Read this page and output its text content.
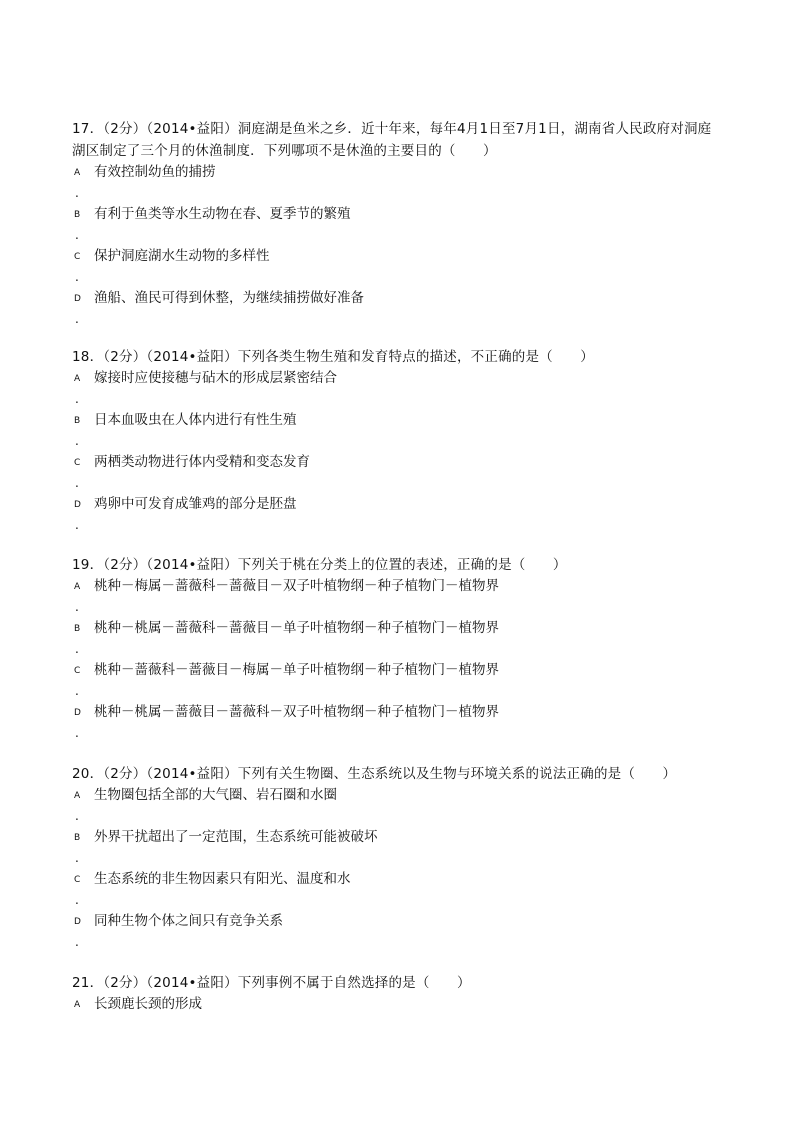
17．（2分）（2014•益阳）洞庭湖是鱼米之乡．近十年来，每年4月1日至7月1日，湖南省人民政府对洞庭湖区制定了三个月的休渔制度．下列哪项不是休渔的主要目的（　　）

A 有效控制幼鱼的捕捞
.
B 有利于鱼类等水生动物在春、夏季节的繁殖
.
C 保护洞庭湖水生动物的多样性
.
D 渔船、渔民可得到休整，为继续捕捞做好准备
.

18．（2分）（2014•益阳）下列各类生物生殖和发育特点的描述，不正确的是（　　）

A 嫁接时应使接穗与砧木的形成层紧密结合
.
B 日本血吸虫在人体内进行有性生殖
.
C 两栖类动物进行体内受精和变态发育
.
D 鸡卵中可发育成雏鸡的部分是胚盘
.

19．（2分）（2014•益阳）下列关于桃在分类上的位置的表述，正确的是（　　）

A 桃种－梅属－蔷薇科－蔷薇目－双子叶植物纲－种子植物门－植物界
.
B 桃种－桃属－蔷薇科－蔷薇目－单子叶植物纲－种子植物门－植物界
.
C 桃种－蔷薇科－蔷薇目－梅属－单子叶植物纲－种子植物门－植物界
.
D 桃种－桃属－蔷薇目－蔷薇科－双子叶植物纲－种子植物门－植物界
.

20．（2分）（2014•益阳）下列有关生物圈、生态系统以及生物与环境关系的说法正确的是（　　）

A 生物圈包括全部的大气圈、岩石圈和水圈
.
B 外界干扰超出了一定范围，生态系统可能被破坏
.
C 生态系统的非生物因素只有阳光、温度和水
.
D 同种生物个体之间只有竞争关系
.

21．（2分）（2014•益阳）下列事例不属于自然选择的是（　　）

A 长颈鹿长颈的形成
